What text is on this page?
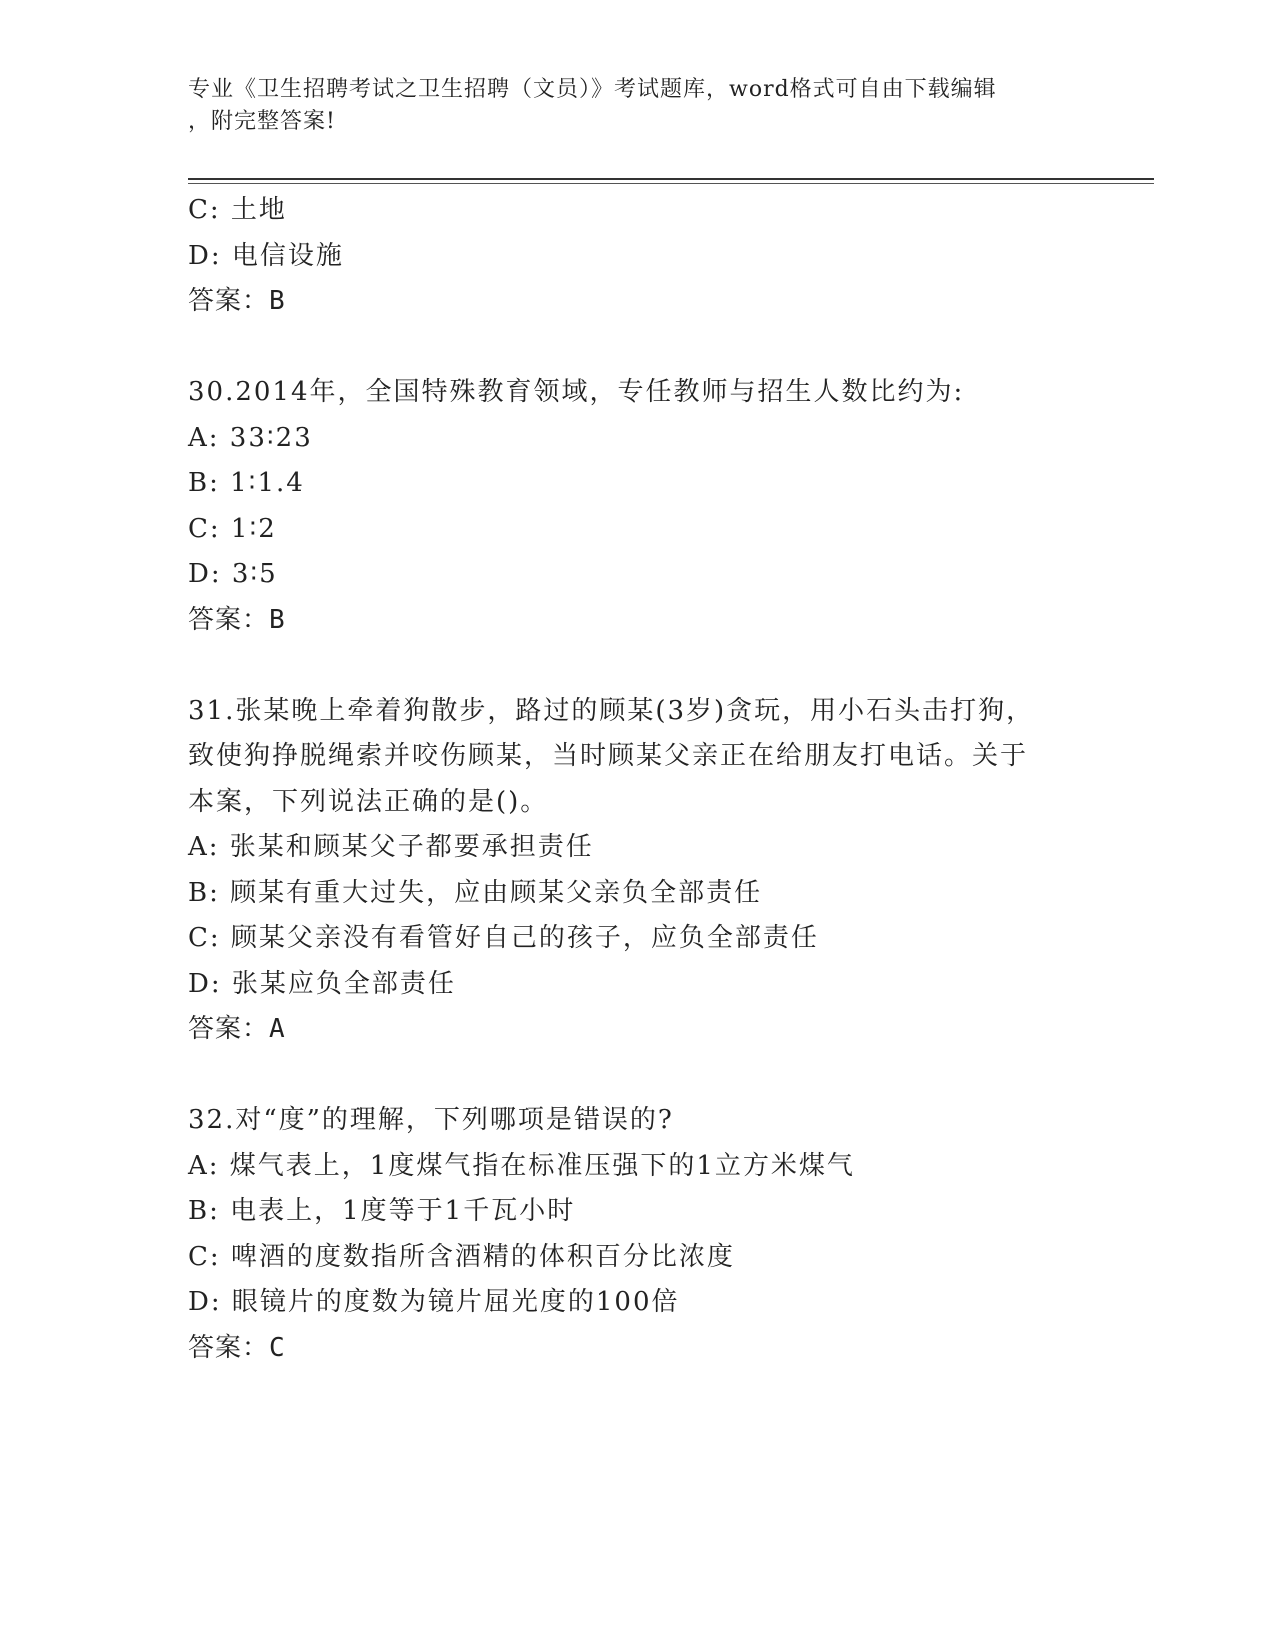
专业《卫生招聘考试之卫生招聘（文员）》考试题库，word格式可自由下载编辑
，附完整答案!
C: 土地
D: 电信设施
答案：B
30.2014年，全国特殊教育领域，专任教师与招生人数比约为:
A: 33∶23
B: 1∶1.4
C: 1∶2
D: 3∶5
答案：B
31.张某晚上牵着狗散步，路过的顾某(3岁)贪玩，用小石头击打狗，
致使狗挣脱绳索并咬伤顾某，当时顾某父亲正在给朋友打电话。关于
本案，下列说法正确的是()。
A: 张某和顾某父子都要承担责任
B: 顾某有重大过失，应由顾某父亲负全部责任
C: 顾某父亲没有看管好自己的孩子，应负全部责任
D: 张某应负全部责任
答案：A
32.对“度”的理解，下列哪项是错误的?
A: 煤气表上，1度煤气指在标准压强下的1立方米煤气
B: 电表上，1度等于1千瓦小时
C: 啤酒的度数指所含酒精的体积百分比浓度
D: 眼镜片的度数为镜片屈光度的100倍
答案：C
